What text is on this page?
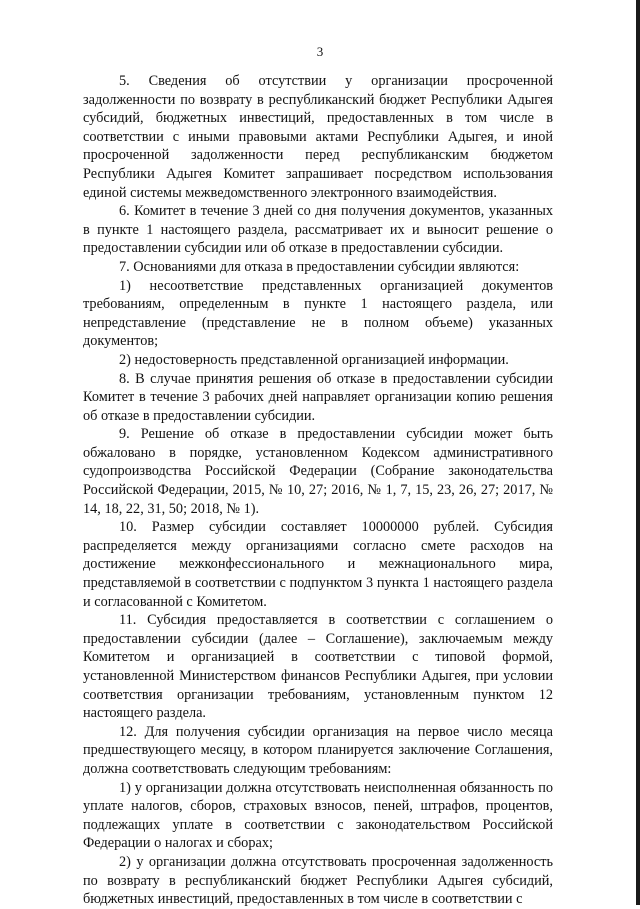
3

5. Сведения об отсутствии у организации просроченной задолженности по возврату в республиканский бюджет Республики Адыгея субсидий, бюджетных инвестиций, предоставленных в том числе в соответствии с иными правовыми актами Республики Адыгея, и иной просроченной задолженности перед республиканским бюджетом Республики Адыгея Комитет запрашивает посредством использования единой системы межведомственного электронного взаимодействия.

6. Комитет в течение 3 дней со дня получения документов, указанных в пункте 1 настоящего раздела, рассматривает их и выносит решение о предоставлении субсидии или об отказе в предоставлении субсидии.

7. Основаниями для отказа в предоставлении субсидии являются:

1) несоответствие представленных организацией документов требованиям, определенным в пункте 1 настоящего раздела, или непредставление (представление не в полном объеме) указанных документов;

2) недостоверность представленной организацией информации.

8. В случае принятия решения об отказе в предоставлении субсидии Комитет в течение 3 рабочих дней направляет организации копию решения об отказе в предоставлении субсидии.

9. Решение об отказе в предоставлении субсидии может быть обжаловано в порядке, установленном Кодексом административного судопроизводства Российской Федерации (Собрание законодательства Российской Федерации, 2015, № 10, 27; 2016, № 1, 7, 15, 23, 26, 27; 2017, № 14, 18, 22, 31, 50; 2018, № 1).

10. Размер субсидии составляет 10000000 рублей. Субсидия распределяется между организациями согласно смете расходов на достижение межконфессионального и межнационального мира, представляемой в соответствии с подпунктом 3 пункта 1 настоящего раздела и согласованной с Комитетом.

11. Субсидия предоставляется в соответствии с соглашением о предоставлении субсидии (далее – Соглашение), заключаемым между Комитетом и организацией в соответствии с типовой формой, установленной Министерством финансов Республики Адыгея, при условии соответствия организации требованиям, установленным пунктом 12 настоящего раздела.

12. Для получения субсидии организация на первое число месяца предшествующего месяцу, в котором планируется заключение Соглашения, должна соответствовать следующим требованиям:

1) у организации должна отсутствовать неисполненная обязанность по уплате налогов, сборов, страховых взносов, пеней, штрафов, процентов, подлежащих уплате в соответствии с законодательством Российской Федерации о налогах и сборах;

2) у организации должна отсутствовать просроченная задолженность по возврату в республиканский бюджет Республики Адыгея субсидий, бюджетных инвестиций, предоставленных в том числе в соответствии с
